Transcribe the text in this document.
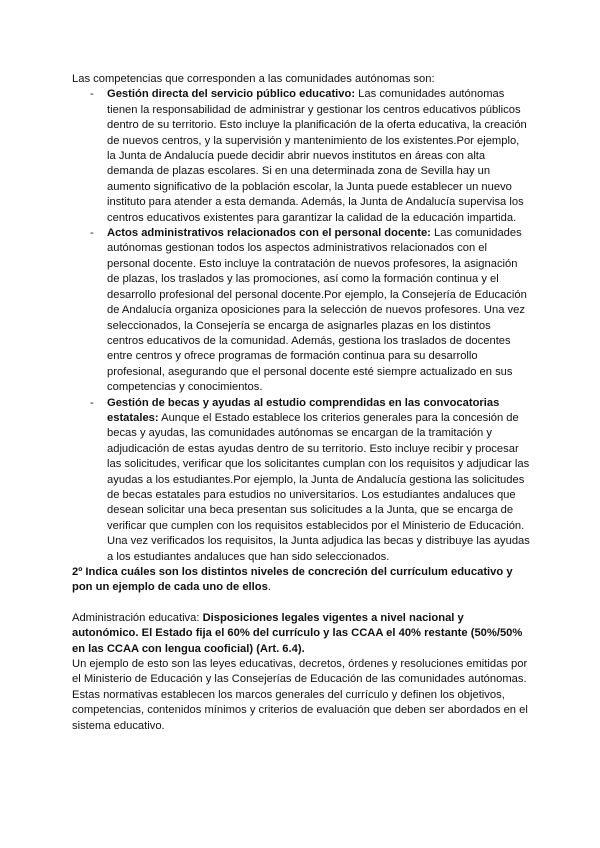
Las competencias que corresponden a las comunidades autónomas son:

- Gestión directa del servicio público educativo: Las comunidades autónomas tienen la responsabilidad de administrar y gestionar los centros educativos públicos dentro de su territorio. Esto incluye la planificación de la oferta educativa, la creación de nuevos centros, y la supervisión y mantenimiento de los existentes.Por ejemplo, la Junta de Andalucía puede decidir abrir nuevos institutos en áreas con alta demanda de plazas escolares. Si en una determinada zona de Sevilla hay un aumento significativo de la población escolar, la Junta puede establecer un nuevo instituto para atender a esta demanda. Además, la Junta de Andalucía supervisa los centros educativos existentes para garantizar la calidad de la educación impartida.
- Actos administrativos relacionados con el personal docente: Las comunidades autónomas gestionan todos los aspectos administrativos relacionados con el personal docente. Esto incluye la contratación de nuevos profesores, la asignación de plazas, los traslados y las promociones, así como la formación continua y el desarrollo profesional del personal docente.Por ejemplo, la Consejería de Educación de Andalucía organiza oposiciones para la selección de nuevos profesores. Una vez seleccionados, la Consejería se encarga de asignarles plazas en los distintos centros educativos de la comunidad. Además, gestiona los traslados de docentes entre centros y ofrece programas de formación continua para su desarrollo profesional, asegurando que el personal docente esté siempre actualizado en sus competencias y conocimientos.
- Gestión de becas y ayudas al estudio comprendidas en las convocatorias estatales: Aunque el Estado establece los criterios generales para la concesión de becas y ayudas, las comunidades autónomas se encargan de la tramitación y adjudicación de estas ayudas dentro de su territorio. Esto incluye recibir y procesar las solicitudes, verificar que los solicitantes cumplan con los requisitos y adjudicar las ayudas a los estudiantes.Por ejemplo, la Junta de Andalucía gestiona las solicitudes de becas estatales para estudios no universitarios. Los estudiantes andaluces que desean solicitar una beca presentan sus solicitudes a la Junta, que se encarga de verificar que cumplen con los requisitos establecidos por el Ministerio de Educación. Una vez verificados los requisitos, la Junta adjudica las becas y distribuye las ayudas a los estudiantes andaluces que han sido seleccionados.

2º Indica cuáles son los distintos niveles de concreción del currículum educativo y pon un ejemplo de cada uno de ellos.

Administración educativa: Disposiciones legales vigentes a nivel nacional y autonómico. El Estado fija el 60% del currículo y las CCAA el 40% restante (50%/50% en las CCAA con lengua cooficial) (Art. 6.4).

Un ejemplo de esto son las leyes educativas, decretos, órdenes y resoluciones emitidas por el Ministerio de Educación y las Consejerías de Educación de las comunidades autónomas. Estas normativas establecen los marcos generales del currículo y definen los objetivos, competencias, contenidos mínimos y criterios de evaluación que deben ser abordados en el sistema educativo.
